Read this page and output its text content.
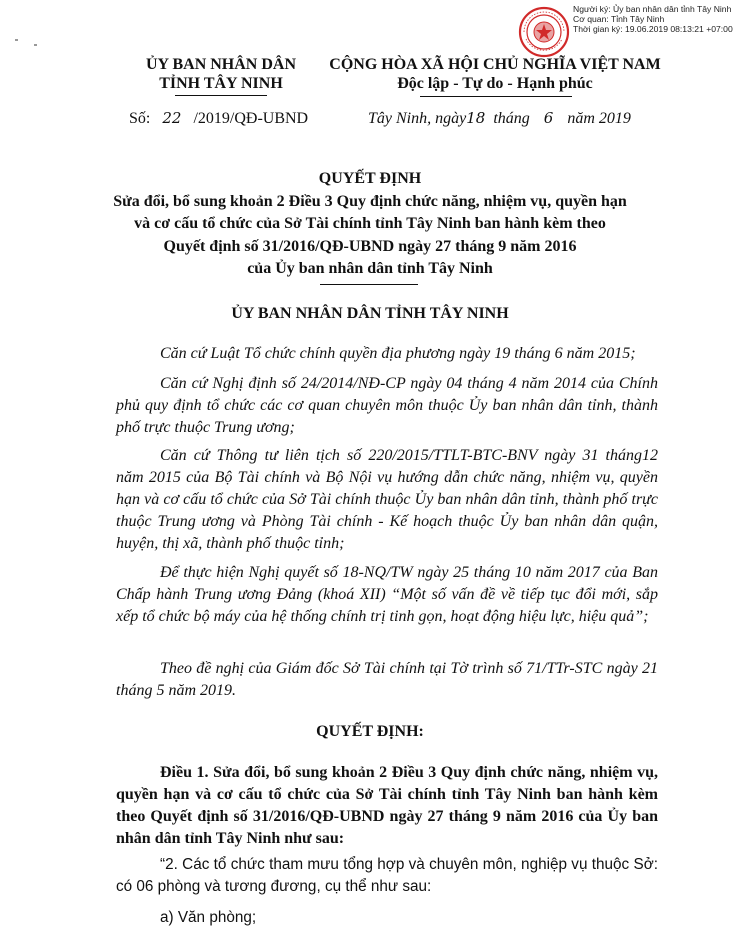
Người ký: Ủy ban nhân dân tỉnh Tây Ninh
Cơ quan: Tỉnh Tây Ninh
Thời gian ký: 19.06.2019 08:13:21 +07:00
ỦY BAN NHÂN DÂN
TỈNH TÂY NINH
CỘNG HÒA XÃ HỘI CHỦ NGHĨA VIỆT NAM
Độc lập - Tự do - Hạnh phúc
Số: 22 /2019/QĐ-UBND	Tây Ninh, ngày18 tháng 6 năm 2019
QUYẾT ĐỊNH
Sửa đổi, bổ sung khoản 2 Điều 3 Quy định chức năng, nhiệm vụ, quyền hạn
và cơ cấu tổ chức của Sở Tài chính tỉnh Tây Ninh ban hành kèm theo
Quyết định số 31/2016/QĐ-UBND ngày 27 tháng 9 năm 2016
của Ủy ban nhân dân tỉnh Tây Ninh
ỦY BAN NHÂN DÂN TỈNH TÂY NINH
Căn cứ Luật Tổ chức chính quyền địa phương ngày 19 tháng 6 năm 2015;
Căn cứ Nghị định số 24/2014/NĐ-CP ngày 04 tháng 4 năm 2014 của Chính phủ quy định tổ chức các cơ quan chuyên môn thuộc Ủy ban nhân dân tỉnh, thành phố trực thuộc Trung ương;
Căn cứ Thông tư liên tịch số 220/2015/TTLT-BTC-BNV ngày 31 tháng12 năm 2015 của Bộ Tài chính và Bộ Nội vụ hướng dẫn chức năng, nhiệm vụ, quyền hạn và cơ cấu tổ chức của Sở Tài chính thuộc Ủy ban nhân dân tỉnh, thành phố trực thuộc Trung ương và Phòng Tài chính - Kế hoạch thuộc Ủy ban nhân dân quận, huyện, thị xã, thành phố thuộc tỉnh;
Để thực hiện Nghị quyết số 18-NQ/TW ngày 25 tháng 10 năm 2017 của Ban Chấp hành Trung ương Đảng (khoá XII) “Một số vấn đề về tiếp tục đổi mới, sắp xếp tổ chức bộ máy của hệ thống chính trị tinh gọn, hoạt động hiệu lực, hiệu quả”;
Theo đề nghị của Giám đốc Sở Tài chính tại Tờ trình số 71/TTr-STC ngày 21 tháng 5 năm 2019.
QUYẾT ĐỊNH:
Điều 1. Sửa đổi, bổ sung khoản 2 Điều 3 Quy định chức năng, nhiệm vụ, quyền hạn và cơ cấu tổ chức của Sở Tài chính tỉnh Tây Ninh ban hành kèm theo Quyết định số 31/2016/QĐ-UBND ngày 27 tháng 9 năm 2016 của Ủy ban nhân dân tỉnh Tây Ninh như sau:
“2. Các tổ chức tham mưu tổng hợp và chuyên môn, nghiệp vụ thuộc Sở: có 06 phòng và tương đương, cụ thể như sau:
a) Văn phòng;
